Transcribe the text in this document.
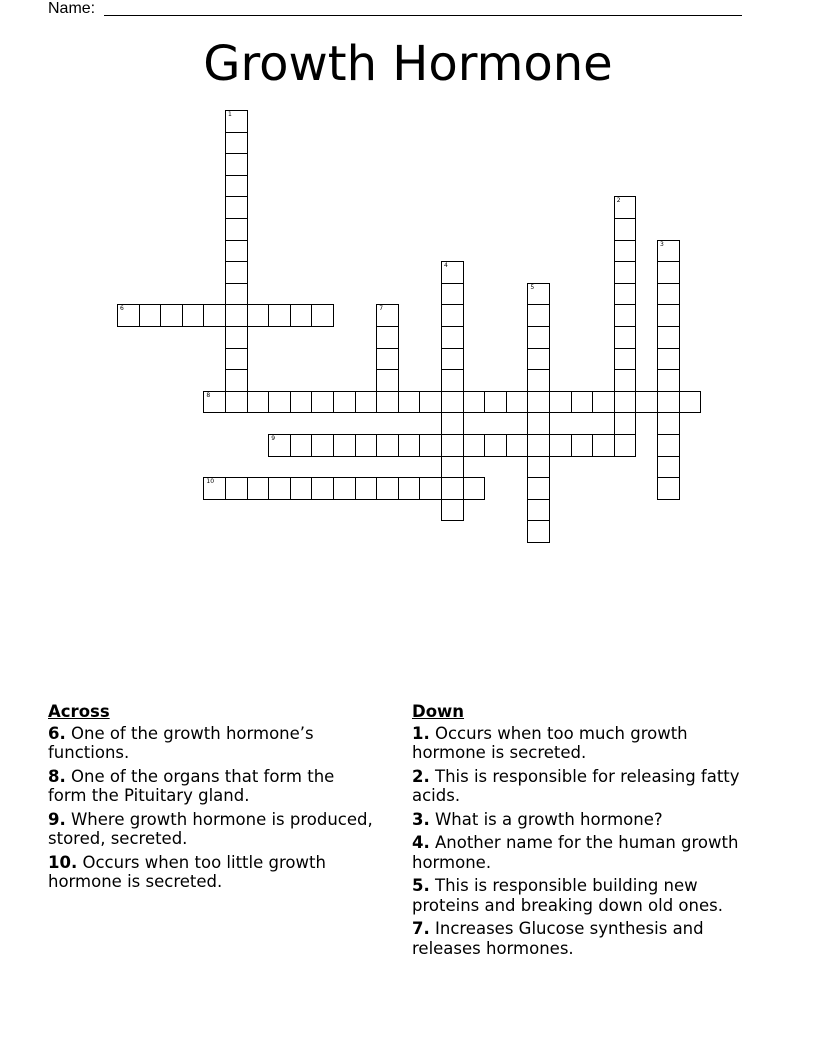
Name:
Growth Hormone
1
2
3
4
5
6	7
8
9
10
Across
6. One of the growth hormone’s functions.
8. One of the organs that form the form the Pituitary gland.
9. Where growth hormone is produced, stored, secreted.
10. Occurs when too little growth hormone is secreted.
Down
1. Occurs when too much growth hormone is secreted.
2. This is responsible for releasing fatty acids.
3. What is a growth hormone?
4. Another name for the human growth hormone.
5. This is responsible building new proteins and breaking down old ones.
7. Increases Glucose synthesis and releases hormones.
